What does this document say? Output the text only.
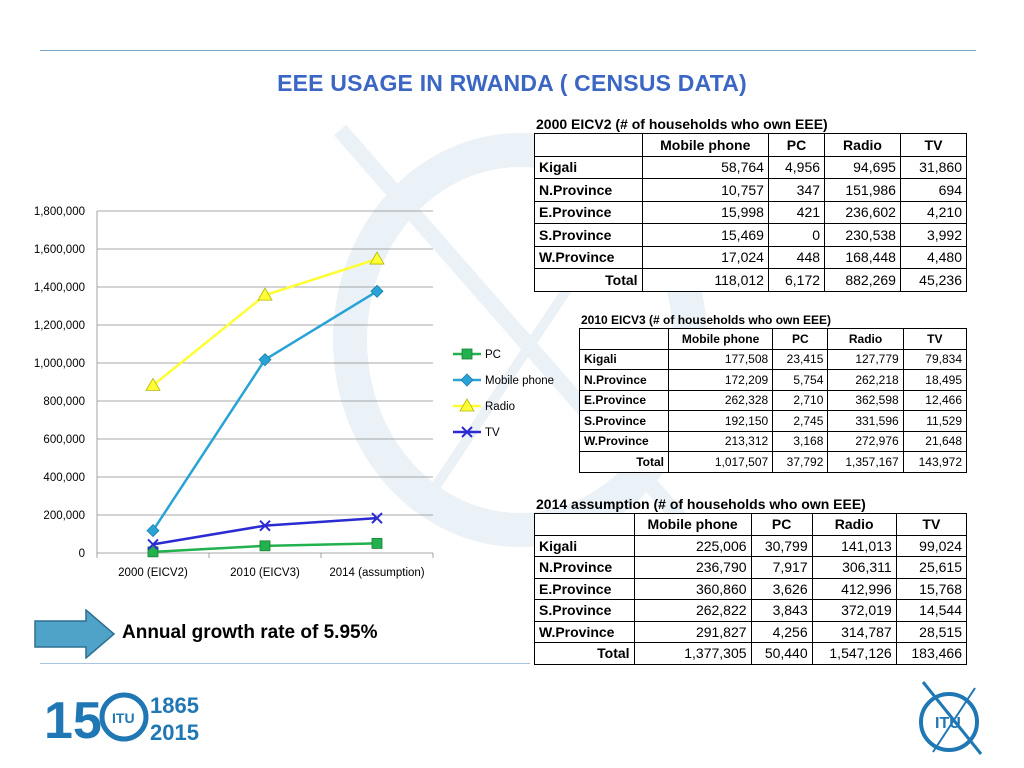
EEE USAGE IN RWANDA ( CENSUS DATA)
0
200,000
400,000
600,000
800,000
1,000,000
1,200,000
1,400,000
1,600,000
1,800,000
2000 (EICV2)	2010 (EICV3)	2014 (assumption)
PC
Mobile phone
Radio
TV
2000 EICV2 (# of households who own EEE)
	Mobile phone	PC	Radio	TV
Kigali	58,764	4,956	94,695	31,860
N.Province	10,757	347	151,986	694
E.Province	15,998	421	236,602	4,210
S.Province	15,469	0	230,538	3,992
W.Province	17,024	448	168,448	4,480
Total	118,012	6,172	882,269	45,236
2010 EICV3 (# of households who own EEE)
	Mobile phone	PC	Radio	TV
Kigali	177,508	23,415	127,779	79,834
N.Province	172,209	5,754	262,218	18,495
E.Province	262,328	2,710	362,598	12,466
S.Province	192,150	2,745	331,596	11,529
W.Province	213,312	3,168	272,976	21,648
Total	1,017,507	37,792	1,357,167	143,972
2014 assumption (# of households who own EEE)
	Mobile phone	PC	Radio	TV
Kigali	225,006	30,799	141,013	99,024
N.Province	236,790	7,917	306,311	25,615
E.Province	360,860	3,626	412,996	15,768
S.Province	262,822	3,843	372,019	14,544
W.Province	291,827	4,256	314,787	28,515
Total	1,377,305	50,440	1,547,126	183,466
Annual growth rate of 5.95%
15 ITU 1865
2015	ITU
